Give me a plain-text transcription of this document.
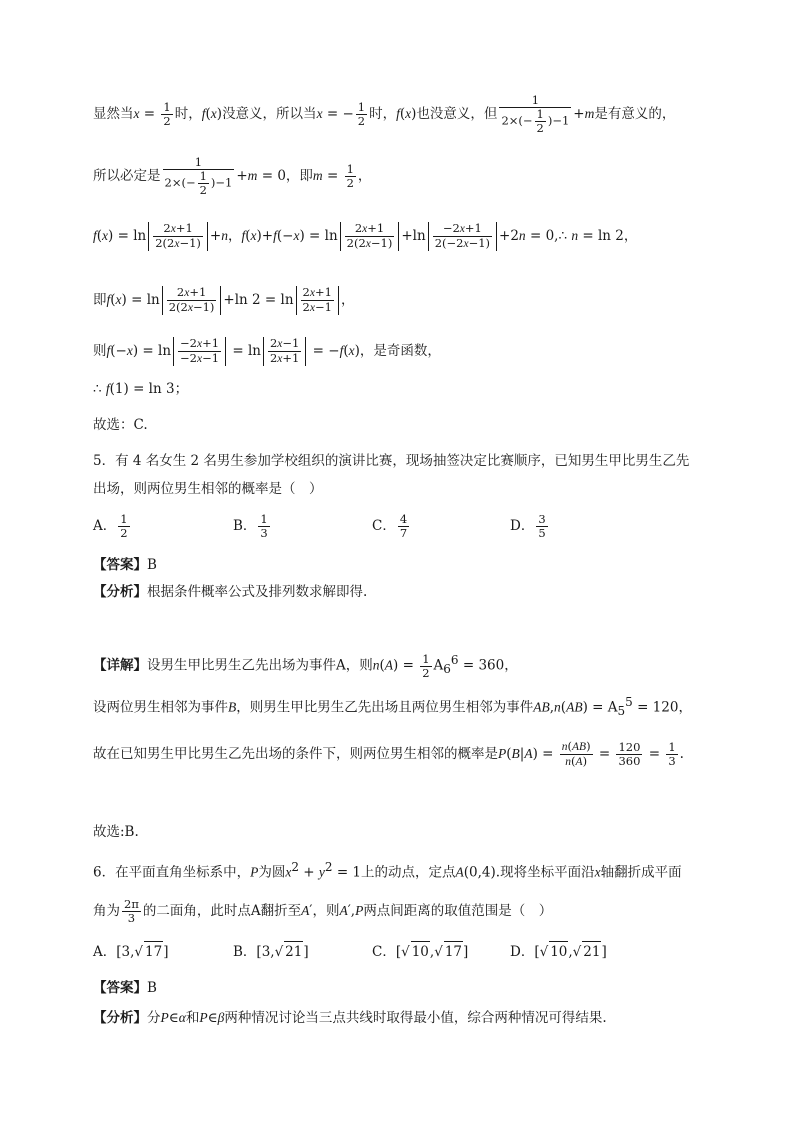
显然当$x = \frac{1}{2}$ 时，f(x)没意义，所以当x = − $\frac{1}{2}$ 时，f(x)也没意义，但 $\frac{1}{2\times(- \frac{1}{2} )-1} +m$是有意义的，
所以必定是 $\frac{1}{2\times(- \frac{1}{2} )-1} +m = 0$，即$m = \frac{1}{2}$ ，
$f(x) = \ln \frac{2x+1}{2(2x-1)} +n$，$f(x)+f(-x) = \ln \frac{2x+1}{2(2x-1)} +\ln \frac{-2x+1}{2(-2x-1)} +2n$ = 0,∴ n = ln 2，
即$f(x) = \ln \frac{2x+1}{2(2x-1)} +\ln$ $2 = \ln \frac{2x+1}{2x-1}$ ，
则$f(-x) = \ln \frac{-2x+1}{-2x-1} = \ln \frac{2x-1}{2x+1} = -f(x)$，是奇函数，
∴ f(1) = ln 3；
故选：C.
5．有 4 名女生 2 名男生参加学校组织的演讲比赛，现场抽签决定比赛顺序，已知男生甲比男生乙先
出场，则两位男生相邻的概率是（　）
A． $\frac{1}{2}$	B． $\frac{1}{3}$	C． $\frac{4}{7}$	D． $\frac{3}{5}$
【答案】B
【分析】根据条件概率公式及排列数求解即得.
【详解】设男生甲比男生乙先出场为事件A，则$n(A) = \frac{1}{2} A_6^6 = 360$，
设两位男生相邻为事件B，则男生甲比男生乙先出场且两位男生相邻为事件$AB,n(AB) = A_5^5 = 120$，
故在已知男生甲比男生乙先出场的条件下，则两位男生相邻的概率是$P(B|A) = \frac{n(AB)}{n(A)} = \frac{120}{360} = \frac{1}{3}$ .
故选:B.
6．在平面直角坐标系中，P为圆$x^2 + y^2 = 1$上的动点，定点A(0,4).现将坐标平面沿x轴翻折成平面
角为 $\frac{2\pi}{3}$ 的二面角，此时点A翻折至A′，则A′,P两点间距离的取值范围是（　）
A．[3,√ 17]	B．[3,√ 21]	C．[√ 10,√ 17]	D．[√ 10,√ 21]
【答案】B
【分析】分P∈α和P∈β两种情况讨论当三点共线时取得最小值，综合两种情况可得结果.
